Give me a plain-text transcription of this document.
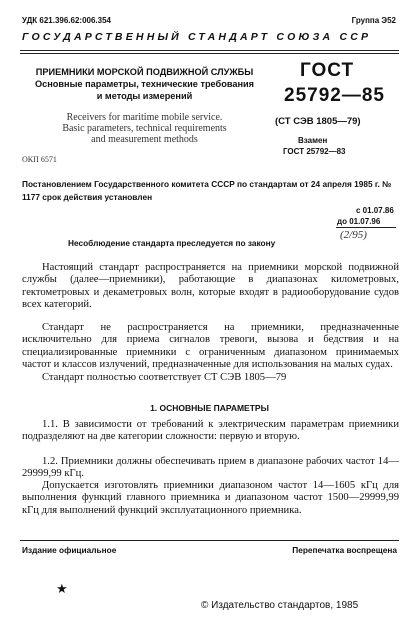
УДК 621.396.62:006.354	Группа Э52
ГОСУДАРСТВЕННЫЙ СТАНДАРТ СОЮЗА ССР
ПРИЕМНИКИ МОРСКОЙ ПОДВИЖНОЙ СЛУЖБЫ
Основные параметры, технические требования
и методы измерений
Receivers for maritime mobile service.
Basic parameters, technical requirements
and measurement methods
ОКП 6571
ГОСТ
25792—85
(СТ СЭВ 1805—79)
Взамен
ГОСТ 25792—83
Постановлением Государственного комитета СССР по стандартам от 24 апреля 1985 г. № 1177 срок действия установлен
с 01.07.86
до 01.07.96
(2/95)
Несоблюдение стандарта преследуется по закону
Настоящий стандарт распространяется на приемники морской подвижной службы (далее—приемники), работающие в диапазонах километровых, гектометровых и декаметровых волн, которые входят в радиооборудование судов всех категорий.
Стандарт не распространяется на приемники, предназначенные исключительно для приема сигналов тревоги, вызова и бедствия и на специализированные приемники с ограниченным диапазоном принимаемых частот и классов излучений, предназначенные для использования на малых судах.
Стандарт полностью соответствует СТ СЭВ 1805—79
1. ОСНОВНЫЕ ПАРАМЕТРЫ
1.1. В зависимости от требований к электрическим параметрам приемники подразделяют на две категории сложности: первую и вторую.
1.2. Приемники должны обеспечивать прием в диапазоне рабочих частот 14—29999,99 кГц.
Допускается изготовлять приемники диапазоном частот 14—1605 кГц для выполнения функций главного приемника и диапазоном частот 1500—29999,99 кГц для выполнений функций эксплуатационного приемника.
Издание официальное	Перепечатка воспрещена
★
© Издательство стандартов, 1985
